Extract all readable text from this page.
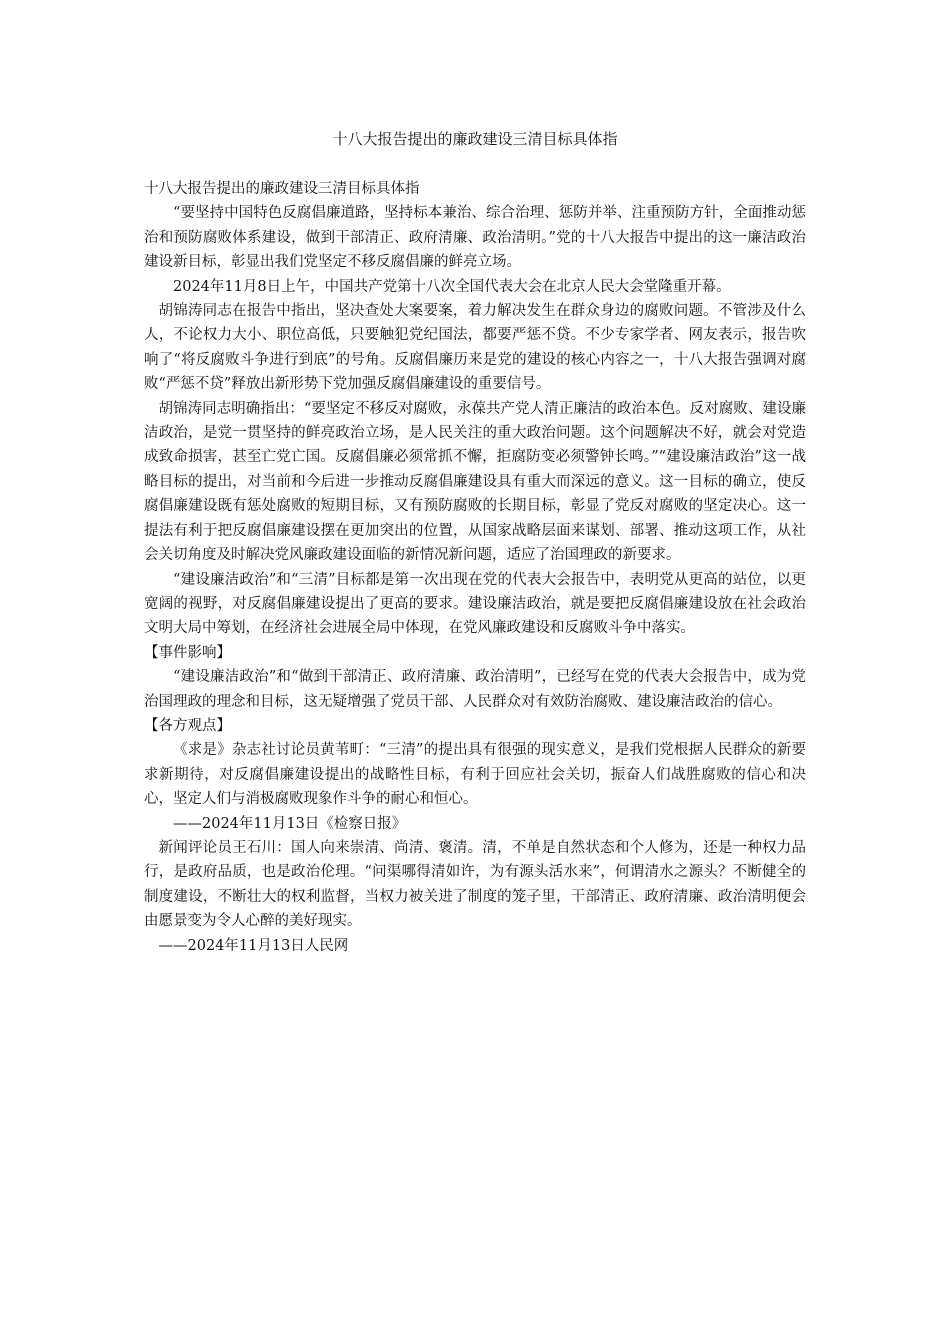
十八大报告提出的廉政建设三清目标具体指

十八大报告提出的廉政建设三清目标具体指

“要坚持中国特色反腐倡廉道路，坚持标本兼治、综合治理、惩防并举、注重预防方针，全面推动惩治和预防腐败体系建设，做到干部清正、政府清廉、政治清明。”党的十八大报告中提出的这一廉洁政治建设新目标，彰显出我们党坚定不移反腐倡廉的鲜亮立场。

2024年11月8日上午，中国共产党第十八次全国代表大会在北京人民大会堂隆重开幕。

胡锦涛同志在报告中指出，坚决查处大案要案，着力解决发生在群众身边的腐败问题。不管涉及什么人，不论权力大小、职位高低，只要触犯党纪国法，都要严惩不贷。不少专家学者、网友表示，报告吹响了“将反腐败斗争进行到底”的号角。反腐倡廉历来是党的建设的核心内容之一，十八大报告强调对腐败“严惩不贷”释放出新形势下党加强反腐倡廉建设的重要信号。

胡锦涛同志明确指出：“要坚定不移反对腐败，永葆共产党人清正廉洁的政治本色。反对腐败、建设廉洁政治，是党一贯坚持的鲜亮政治立场，是人民关注的重大政治问题。这个问题解决不好，就会对党造成致命损害，甚至亡党亡国。反腐倡廉必须常抓不懈，拒腐防变必须警钟长鸣。”“建设廉洁政治”这一战略目标的提出，对当前和今后进一步推动反腐倡廉建设具有重大而深远的意义。这一目标的确立，使反腐倡廉建设既有惩处腐败的短期目标，又有预防腐败的长期目标，彰显了党反对腐败的坚定决心。这一提法有利于把反腐倡廉建设摆在更加突出的位置，从国家战略层面来谋划、部署、推动这项工作，从社会关切角度及时解决党风廉政建设面临的新情况新问题，适应了治国理政的新要求。

“建设廉洁政治”和“三清”目标都是第一次出现在党的代表大会报告中，表明党从更高的站位，以更宽阔的视野，对反腐倡廉建设提出了更高的要求。建设廉洁政治，就是要把反腐倡廉建设放在社会政治文明大局中筹划，在经济社会进展全局中体现，在党风廉政建设和反腐败斗争中落实。

【事件影响】

“建设廉洁政治”和“做到干部清正、政府清廉、政治清明”，已经写在党的代表大会报告中，成为党治国理政的理念和目标，这无疑增强了党员干部、人民群众对有效防治腐败、建设廉洁政治的信心。

【各方观点】

《求是》杂志社讨论员黄苇町：“三清”的提出具有很强的现实意义，是我们党根据人民群众的新要求新期待，对反腐倡廉建设提出的战略性目标，有利于回应社会关切，振奋人们战胜腐败的信心和决心，坚定人们与消极腐败现象作斗争的耐心和恒心。

——2024年11月13日《检察日报》

新闻评论员王石川：国人向来崇清、尚清、褒清。清，不单是自然状态和个人修为，还是一种权力品行，是政府品质，也是政治伦理。“问渠哪得清如许，为有源头活水来”，何谓清水之源头？不断健全的制度建设，不断壮大的权利监督，当权力被关进了制度的笼子里，干部清正、政府清廉、政治清明便会由愿景变为令人心醉的美好现实。

——2024年11月13日人民网
